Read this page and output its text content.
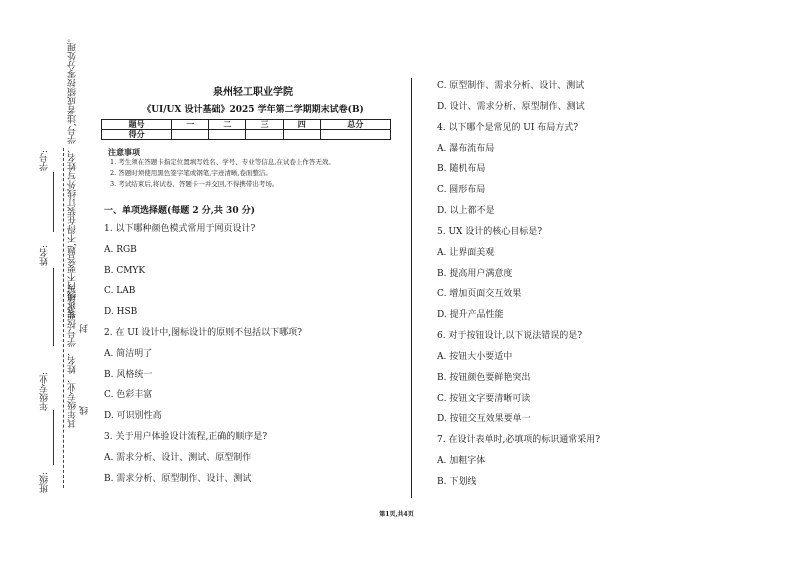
学号:
姓名:
年级专业:
班级:
装订线内不要答题,不得在装订线外写姓名、学号,违者成绩按零分处理。
其年级专业、姓名、学号按要求填写 封
线
泉州轻工职业学院
《UI/UX 设计基础》2025 学年第二学期期末试卷(B)
题号	一	二	三	四	总分
得分					
注意事项
1. 考生须在答题卡指定位置填写姓名、学号、专业等信息,在试卷上作答无效。
2. 答题时须使用黑色签字笔或钢笔,字迹清晰,卷面整洁。
3. 考试结束后,将试卷、答题卡一并交回,不得携带出考场。
一、单项选择题(每题 2 分,共 30 分)
1. 以下哪种颜色模式常用于网页设计?
A. RGB
B. CMYK
C. LAB
D. HSB
2. 在 UI 设计中,图标设计的原则不包括以下哪项?
A. 简洁明了
B. 风格统一
C. 色彩丰富
D. 可识别性高
3. 关于用户体验设计流程,正确的顺序是?
A. 需求分析、设计、测试、原型制作
B. 需求分析、原型制作、设计、测试
C. 原型制作、需求分析、设计、测试
D. 设计、需求分析、原型制作、测试
4. 以下哪个是常见的 UI 布局方式?
A. 瀑布流布局
B. 随机布局
C. 圆形布局
D. 以上都不是
5. UX 设计的核心目标是?
A. 让界面美观
B. 提高用户满意度
C. 增加页面交互效果
D. 提升产品性能
6. 对于按钮设计,以下说法错误的是?
A. 按钮大小要适中
B. 按钮颜色要鲜艳突出
C. 按钮文字要清晰可读
D. 按钮交互效果要单一
7. 在设计表单时,必填项的标识通常采用?
A. 加粗字体
B. 下划线
第1页,共4页
